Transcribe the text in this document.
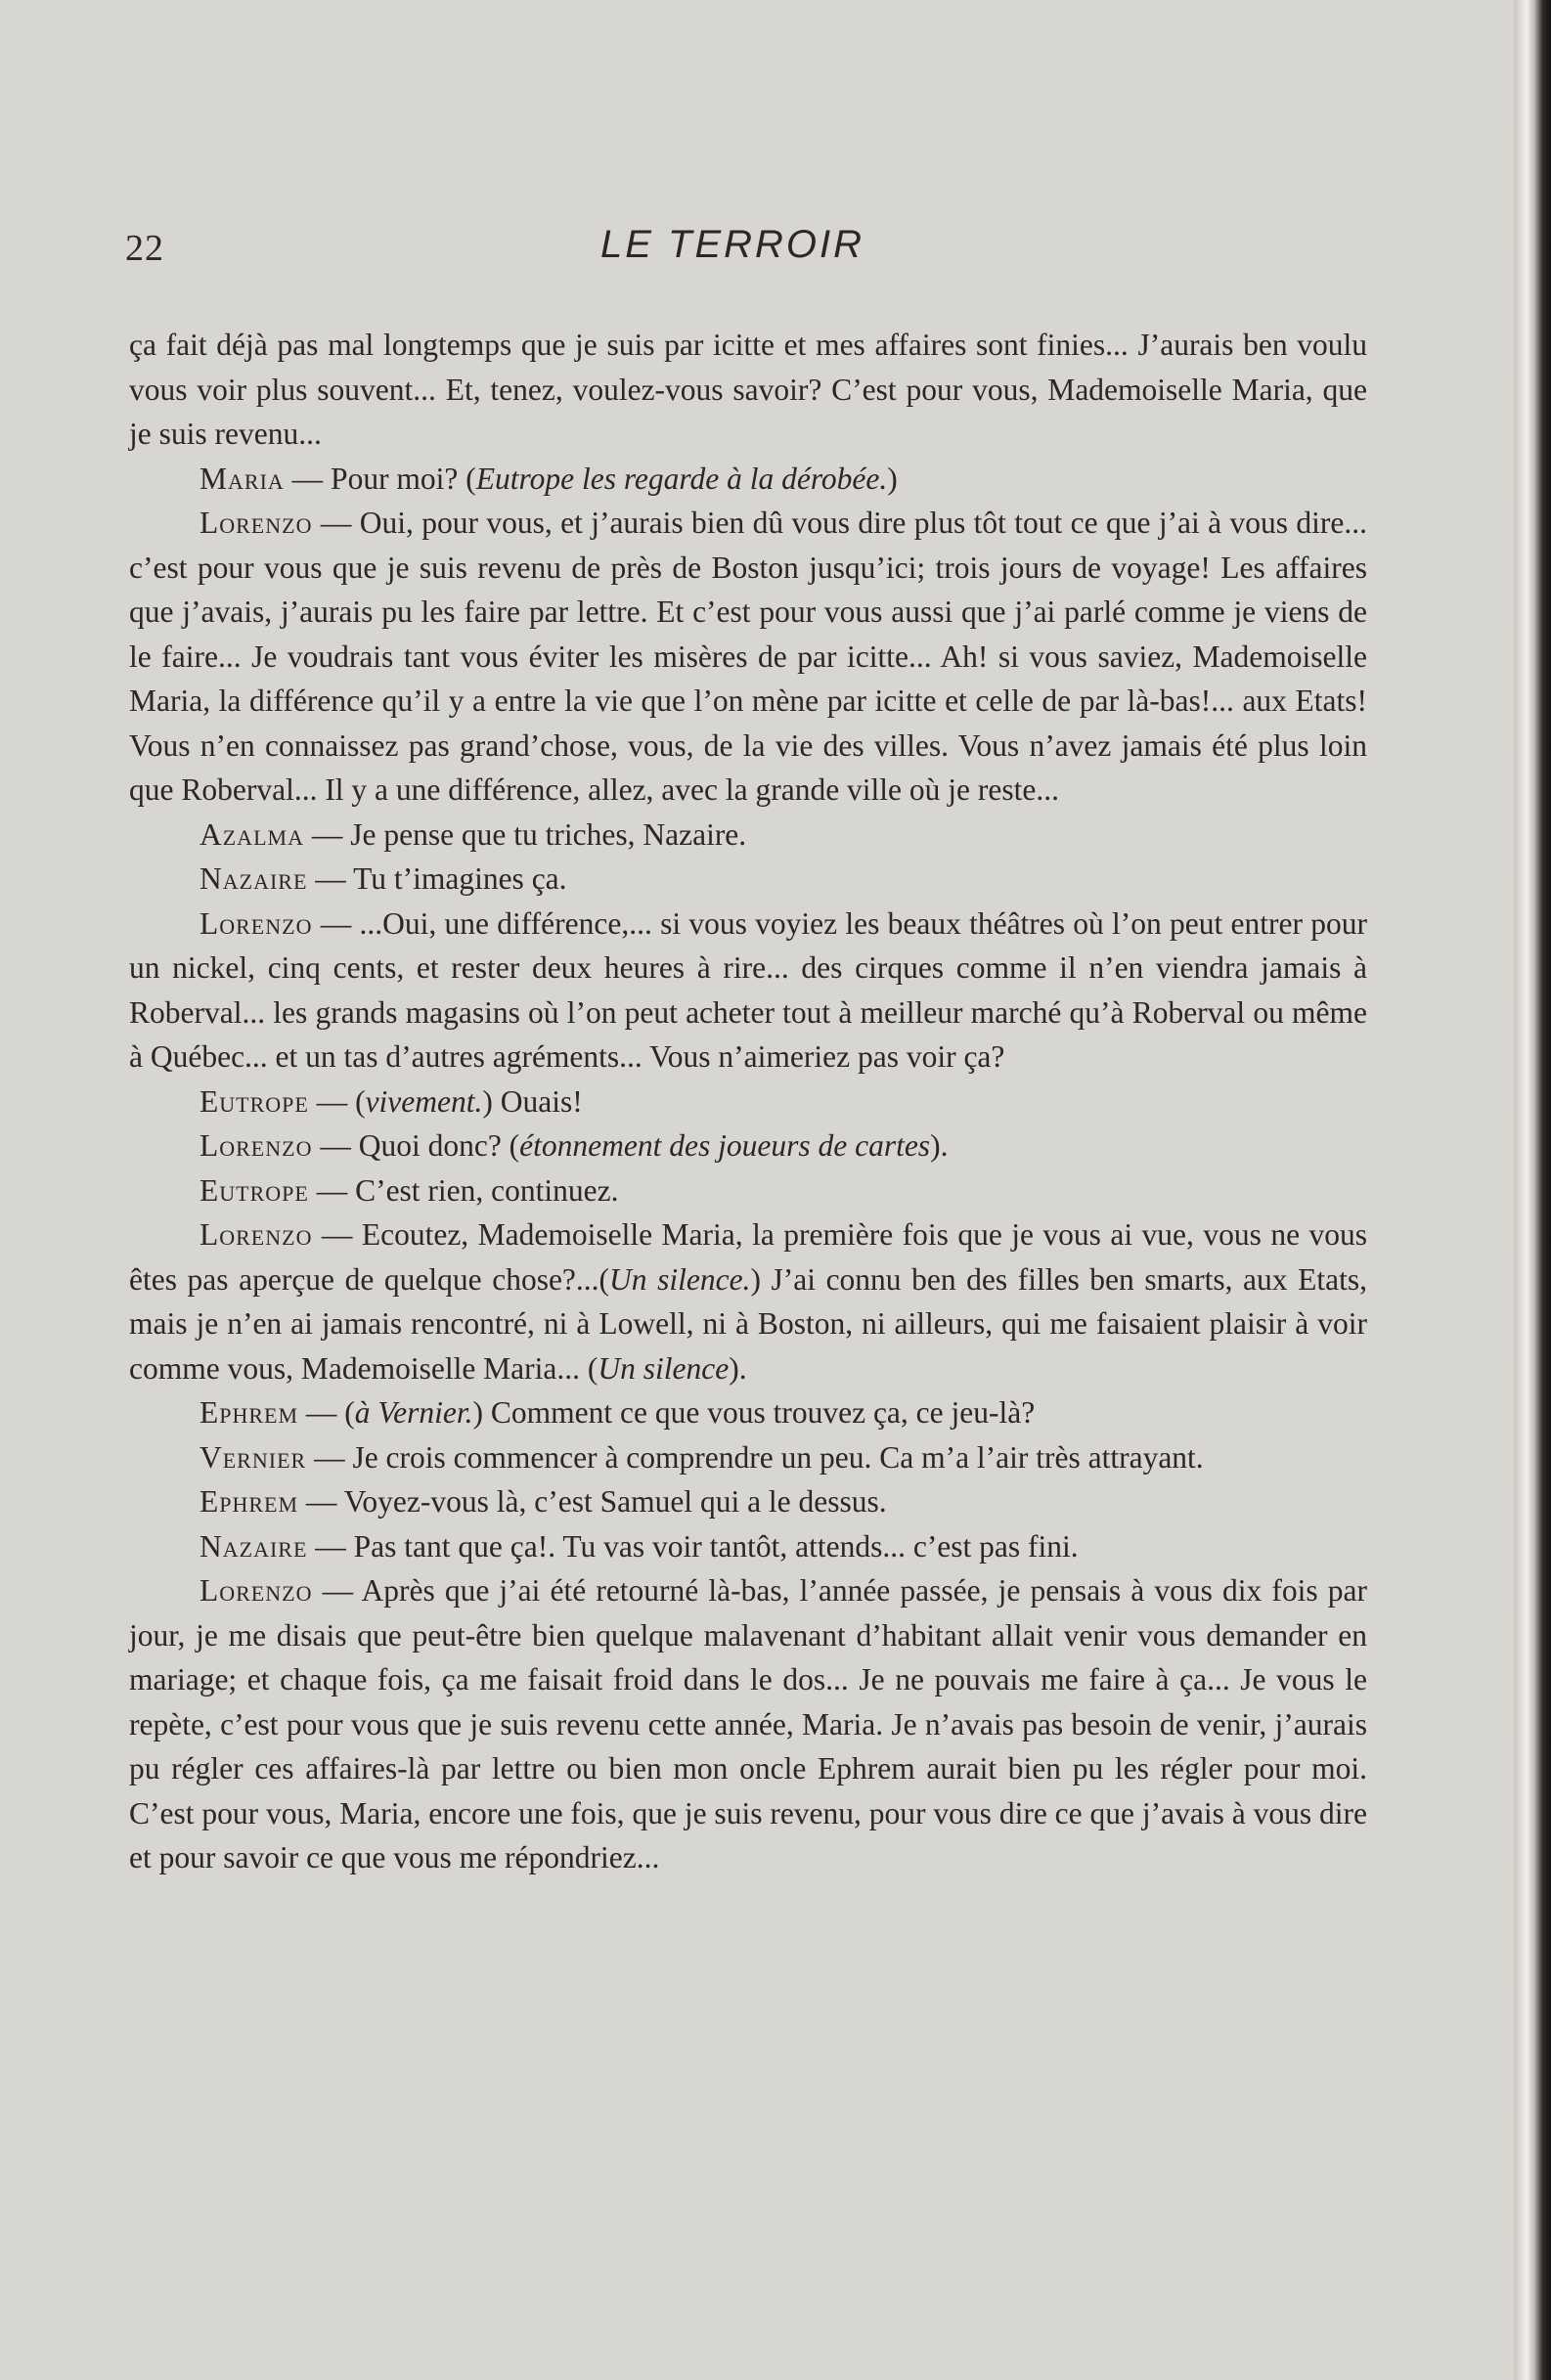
22	LE TERROIR

ça fait déjà pas mal longtemps que je suis par icitte et mes affaires sont finies... J’aurais ben voulu vous voir plus souvent... Et, tenez, voulez-vous savoir? C’est pour vous, Mademoiselle Maria, que je suis revenu...

Maria — Pour moi? (Eutrope les regarde à la dérobée.)

Lorenzo — Oui, pour vous, et j’aurais bien dû vous dire plus tôt tout ce que j’ai à vous dire... c’est pour vous que je suis revenu de près de Boston jusqu’ici; trois jours de voyage! Les affaires que j’avais, j’aurais pu les faire par lettre. Et c’est pour vous aussi que j’ai parlé comme je viens de le faire... Je voudrais tant vous éviter les misères de par icitte... Ah! si vous saviez, Mademoiselle Maria, la différence qu’il y a entre la vie que l’on mène par icitte et celle de par là-bas!... aux Etats! Vous n’en connaissez pas grand’chose, vous, de la vie des villes. Vous n’avez jamais été plus loin que Roberval... Il y a une différence, allez, avec la grande ville où je reste...

Azalma — Je pense que tu triches, Nazaire.

Nazaire — Tu t’imagines ça.

Lorenzo — ...Oui, une différence,... si vous voyiez les beaux théâtres où l’on peut entrer pour un nickel, cinq cents, et rester deux heures à rire... des cirques comme il n’en viendra jamais à Roberval... les grands magasins où l’on peut acheter tout à meilleur marché qu’à Roberval ou même à Québec... et un tas d’autres agréments... Vous n’aimeriez pas voir ça?

Eutrope — (vivement.) Ouais!

Lorenzo — Quoi donc? (étonnement des joueurs de cartes).

Eutrope — C’est rien, continuez.

Lorenzo — Ecoutez, Mademoiselle Maria, la première fois que je vous ai vue, vous ne vous êtes pas aperçue de quelque chose?...(Un silence.) J’ai connu ben des filles ben smarts, aux Etats, mais je n’en ai jamais rencontré, ni à Lowell, ni à Boston, ni ailleurs, qui me faisaient plaisir à voir comme vous, Mademoiselle Maria... (Un silence).

Ephrem — (à Vernier.) Comment ce que vous trouvez ça, ce jeu-là?

Vernier — Je crois commencer à comprendre un peu. Ca m’a l’air très attrayant.

Ephrem — Voyez-vous là, c’est Samuel qui a le dessus.

Nazaire — Pas tant que ça!. Tu vas voir tantôt, attends... c’est pas fini.

Lorenzo — Après que j’ai été retourné là-bas, l’année passée, je pensais à vous dix fois par jour, je me disais que peut-être bien quelque malavenant d’habitant allait venir vous demander en mariage; et chaque fois, ça me faisait froid dans le dos... Je ne pouvais me faire à ça... Je vous le repète, c’est pour vous que je suis revenu cette année, Maria. Je n’avais pas besoin de venir, j’aurais pu régler ces affaires-là par lettre ou bien mon oncle Ephrem aurait bien pu les régler pour moi. C’est pour vous, Maria, encore une fois, que je suis revenu, pour vous dire ce que j’avais à vous dire et pour savoir ce que vous me répondriez...
